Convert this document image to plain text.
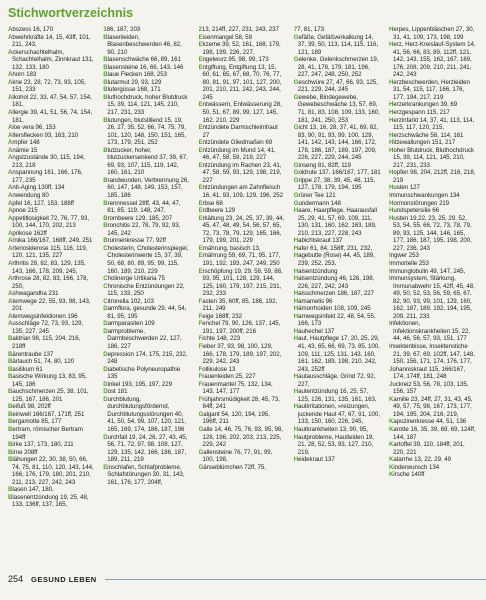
Stichwortverzeichnis

Abszess 16, 170

Abwehrkräfte 14, 15, 43ff, 101, 211, 243,

Ackerschachtelhalm, Schachtelhalm, Zinnkraut 131, 132, 133, 180

Ahorn 183

Akne 23, 28, 72, 73, 93, 105, 151, 233

Alkohol 22, 33, 47, 54, 57, 154, 181,

Allergie 39, 41, 51, 56, 74, 154, 181,

Aloe vera 96, 153

Altersflecken 93, 163, 210

Ampfer 148

Anämie 15

Angstzustände 30, 115, 194, 213, 218

Anspannung 161, 166, 176, 177, 235

Anti-Aging 130ff, 134

Anwendung 80

Apfel 16, 127, 153, 188ff

Apnoe 215

Appetitlosigkeit 72, 76, 77, 93, 100, 144, 170, 202, 213

Aprikose 162ff

Arnika 166/167, 168ff, 249, 251

Arteriosklerose 115, 116, 119, 120, 121, 135, 227

Arthritis 28, 82, 83, 129, 135, 143, 166, 178, 209, 245,

Arthrose 28, 82, 83, 166, 178, 250,

Ashwagandha 231

Atemwege 22, 55, 93, 98, 143, 201

Atemwegsinfektionen 196

Ausschläge 72, 73, 93, 129, 135, 227, 245

Baldrian 98, 115, 204, 216, 218ff

Bärentraube 137

Bärlauch 51, 74, 80, 120

Basilikum 61

Basische Wirkung 13, 83, 95, 145, 186

Bauchschmerzen 25, 38, 101, 125, 167, 186, 201

Beifuß 98, 202ff

Beinwell 166/167, 171ff, 251

Bergamotte 85, 177

Bertram, römischer Bertram 194ff

Birke 137, 173, 180, 211

Birne 208ff

Blähungen 22, 30, 38, 50, 66, 74, 75, 81, 110, 120, 143, 144, 166, 176, 179, 180, 201, 210, 211, 213, 227, 242, 243

Blasen 147, 180,

Blasenentzündung 19, 25, 48, 133, 136ff, 137, 165,

186, 187, 203

Blasenleiden, Blasenbeschwerden 46, 82, 90, 210

Blasenschwäche 66, 89, 161

Blasensteine 16, 66, 143, 146

Blaue Flecken 168, 253

Blutarmut 29, 93, 129

Blutergüsse 168, 171

Bluthochdruck, hoher Blutdruck 15, 39, 114, 121, 145, 210, 217, 231, 233

Blutungen, blutstillend 15, 19, 26, 27, 35, 52, 66, 74, 75, 79, 101, 120, 148, 150, 151, 165, 173, 179, 251, 252

Blutzucker, hoher, blutzuckersenkend 37, 39, 67, 69, 93, 107, 115, 119, 142, 160, 161, 210

Brandwunden, Verbrennung 26, 60, 147, 148, 149, 153, 157, 185, 186

Brennnessel 28ff, 43, 44, 47, 81, 85, 119, 148, 247,

Brombeere 129, 185, 207

Bronchitis 22, 78, 79, 92, 93, 145, 242

Brunnenkresse 77, 92ff

Cholesterin, Cholesterinspiegel, Cholesterinwerte 15, 37, 39, 50, 68, 80, 89, 95, 99, 115, 160, 189, 210, 229

Cholinerge Urtikaria 75

Chronische Entzündungen 22, 115, 133, 250

Citronella 102, 103

Darmflora, gesunde 29, 44, 54, 81, 95, 195

Darmparasiten 109

Darmprobleme, Darmbeschwerden 22, 127, 186, 227

Depression 174, 175, 215, 232, 248

Diabetische Polyneuropathie 135

Dinkel 193, 195, 197, 229

Dost 181

Durchblutung, durchblutungsfördernd, Durchblutungsstörungen 40, 41, 50, 54, 99, 107, 120, 121, 165, 169, 174, 186, 187, 196

Durchfall 19, 24, 26, 27, 43, 45, 56, 71, 72, 97, 98, 108, 127, 129, 135, 142, 166, 186, 187, 189, 211, 219

Einschlafen, Schlafprobleme, Schlafstörungen 30, 31, 143, 161, 176, 177, 204ff,

213, 214ff, 227, 231, 243, 237

Eisenmangel 58, 59

Ekzeme 39, 52, 161, 168, 179, 198, 199, 226, 227,

Engelwurz 95, 98, 99, 173

Entgiftung, Entgiftung 13, 15, 60, 61, 65, 67, 68, 70, 76, 77, 80, 81, 91, 97, 101, 127, 200, 201, 210, 211, 242, 243, 244, 245

Entwässern, Entwässerung 28, 50, 51, 67, 89, 99, 127, 145, 162, 210, 229

Entzündete Darmschleimhaut 27

Entzündete Gliedmaßen 69

Entzündung im Mund 14, 41, 46, 47, 58, 59, 219, 227

Entzündung im Rachen 23, 41, 47, 58, 59, 93, 129, 198, 219, 227

Entzündungen am Zahnfleisch 16, 41, 93, 109, 129, 196, 252

Erbse 68

Erdbeere 129

Erkältung 23, 24, 25, 37, 39, 44, 45, 47, 48, 49, 54, 56, 57, 65, 72, 73, 78, 79, 129, 165, 166, 179, 199, 201, 229

Ernährung, basisch 13,

Ernährung 59, 69, 71, 95, 177, 191, 192, 193, 247, 249, 250

Erschöpfung 19, 29, 58, 59, 88, 93, 95, 101, 128, 129, 144, 125, 160, 179, 197, 215, 231, 232, 233

Fasten 35, 60ff, 85, 186, 192, 211, 249

Feige 168ff, 232

Fenchel 79, 90, 126, 137, 145, 191, 197, 200ff, 216

Fichte 148, 223

Fieber 37, 93, 98, 100, 129, 166, 178, 179, 189, 197, 202, 229, 242, 243

Follikulose 13

Frauenleiden 25, 227

Frauenmantel 75, 132, 134, 143, 147, 177

Frühjahrsmüdigkeit 28, 45, 73, 84ff, 241

Galgant 54, 120, 194, 195, 196ff, 211

Galle 14, 46, 75, 76, 93, 95, 98, 128, 196, 202, 203, 213, 225, 229, 242

Gallensteine 76, 77, 91, 99, 100, 198,

Gänseblümchen 72ff, 75,

77, 81, 173

Gefäße, Gefäßverkalkung 14, 37, 39, 50, 113, 114, 115, 116, 121, 189

Gelenke, Gelenkschmerzen 19, 28, 41, 178, 179, 181, 196, 227, 247, 248, 250, 252

Geschwüre 27, 47, 66, 93, 125, 221, 229, 244, 245

Gewebe, Bindegewebe, Gewebeschwäche 13, 57, 69, 71, 81, 83, 108, 109, 133, 160, 181, 241, 250, 253

Gicht 13, 16, 28, 37, 41, 69, 82, 83, 90, 91, 93, 99, 100, 129, 141, 142, 143, 144, 166, 172, 178, 186, 187, 189, 197, 209, 226, 227, 229, 244, 245

Ginseng 81, 82ff, 119

Goldrute 137, 166/167, 177, 181

Grippe 27, 38, 39, 45, 48, 115, 127, 178, 179, 194, 195

Grüner Tee 121

Gundermann 148

Haare, Haarpflege, Haarausfall 25, 29, 41, 57, 69, 109, 111, 130, 131, 160, 162, 163, 189, 210, 213, 227, 228, 243

Habichtskraut 137

Hafer 61, 84, 158ff, 231, 232,

Hagebutte (Rose) 44, 45, 189, 239, 252, 253,

Halsentzündung

Halsentzündung 46, 126, 198, 226, 227, 242, 243

Halsschmerzen 186, 187, 227

Hamamelis 96

Hämorrhoiden 108, 109, 245

Harnwegsinfekt 22, 48, 54, 55, 166, 173

Hauhechel 137

Haut, Hautpflege 17, 20, 25, 29, 41, 43, 65, 66, 69, 73, 85, 100, 109, 111, 125, 131, 143, 160, 161, 162, 189, 198, 210, 242, 243, 252ff

Hautausschläge, Grind 72, 92, 227,

Hautentzündung 16, 25, 57, 125, 126, 131, 135, 161, 163,

Hautirritationen, »reizungen, juckende Haut 47, 67, 91, 100, 133, 150, 160, 226, 245,

Hautkrankheiten 13, 90, 95,

Hautprobleme, Hautleiden 19, 21, 28, 52, 53, 93, 127, 210, 219,

Heidekraut 137

Herpes, Lippenbläschen 27, 30, 31, 41, 109, 173, 198, 199

Herz, Herz-Kreislauf-System 14, 41, 56, 66, 83, 89, 112ff, 121, 142, 143, 155, 162, 167, 169, 176, 208, 209, 210, 211, 241, 242, 243

Herzbeschwerden, Herzleiden 31, 54, 115, 117, 166, 176, 177, 194, 217, 219

Herzerkrankungen 39, 69

Herzgespann 115, 217

Herzinfarkt 14, 37, 41, 113, 114, 115, 117, 120, 215,

Herzschwäche 58, 114, 161

Hitzewallungen 151, 217

Hoher Blutdruck, Bluthochdruck 15, 39, 114, 121, 145, 210, 217, 231, 233

Hopfen 98, 204, 212ff, 216, 218, 219

Husten 127

Immunschwankungen 134

Hormonstörungen 219

Hundspetersilie 66

Husten 19,22, 23, 25, 29, 52, 53, 54, 55, 66, 72, 73, 78, 79, 89, 93, 125, 144, 146, 165, 177, 186, 187, 195, 198, 200, 227, 236, 243

Ingwer 253

Immortelle 253

Immunglobulin 49, 147, 245,

Immunsystem, Stärkung, Immunabwehr 15, 42ff, 45, 48, 49, 50, 52, 53, 56, 59, 65, 67, 82, 90, 93, 99, 101, 129, 160, 162, 187, 189, 192, 194, 195, 209, 211, 233

Infektionen, Infektionskrankheiten 15, 22, 44, 46, 56, 57, 93, 151, 177

Insektenbisse, Insektenstiche 21, 39, 67, 69, 102ff, 147, 148, 150, 156, 171, 174, 176, 177,

Johanniskraut 115, 166/167, 174, 174ff, 181, 248

Juckreiz 53, 56, 78, 103, 135, 156, 157

Kamille 23, 24ff, 27, 31, 43, 45, 49, 57, 75, 98, 167, 173, 177, 194, 195, 204, 216, 219,

Kapuzinerkresse 44, 51, 136

Karotte 16, 35, 39, 69, 69, 124ff, 144, 187

Kartoffel 39, 110, 184ff, 201, 220, 221

Katarrhe 13, 22, 29, 49

Kinderwunsch 134

Kirsche 140ff

254 GESUND LEBEN
